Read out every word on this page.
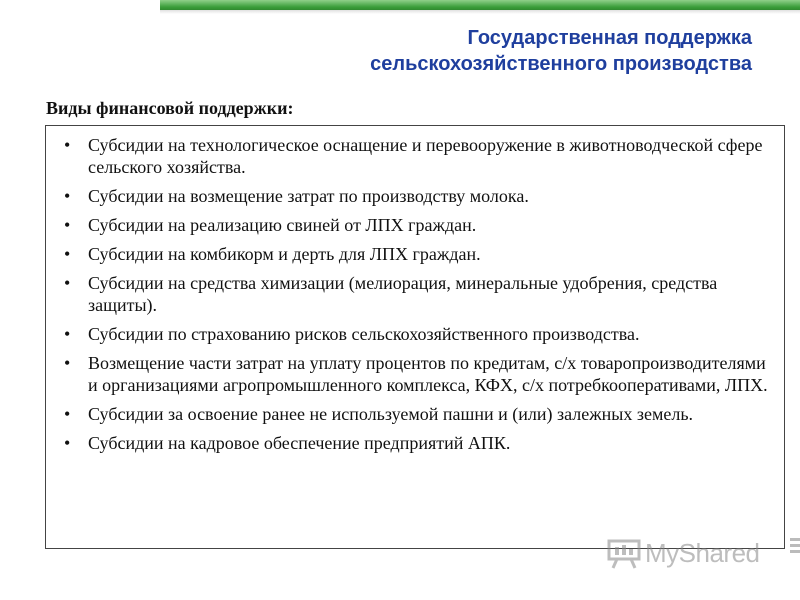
Государственная поддержка
сельскохозяйственного производства
Виды финансовой поддержки:
• Субсидии на технологическое оснащение и перевооружение в животноводческой сфере сельского хозяйства.
• Субсидии на возмещение затрат по производству молока.
• Субсидии на реализацию свиней от ЛПХ граждан.
• Субсидии на комбикорм и дерть для ЛПХ граждан.
• Субсидии на средства химизации (мелиорация, минеральные удобрения, средства защиты).
• Субсидии по страхованию рисков сельскохозяйственного производства.
• Возмещение части затрат на уплату процентов по кредитам, с/х товаропроизводителями и организациями агропромышленного комплекса, КФХ, с/х потребкооперативами, ЛПХ.
• Субсидии за освоение ранее не используемой пашни и (или) залежных земель.
• Субсидии на кадровое обеспечение предприятий АПК.
MyShared
